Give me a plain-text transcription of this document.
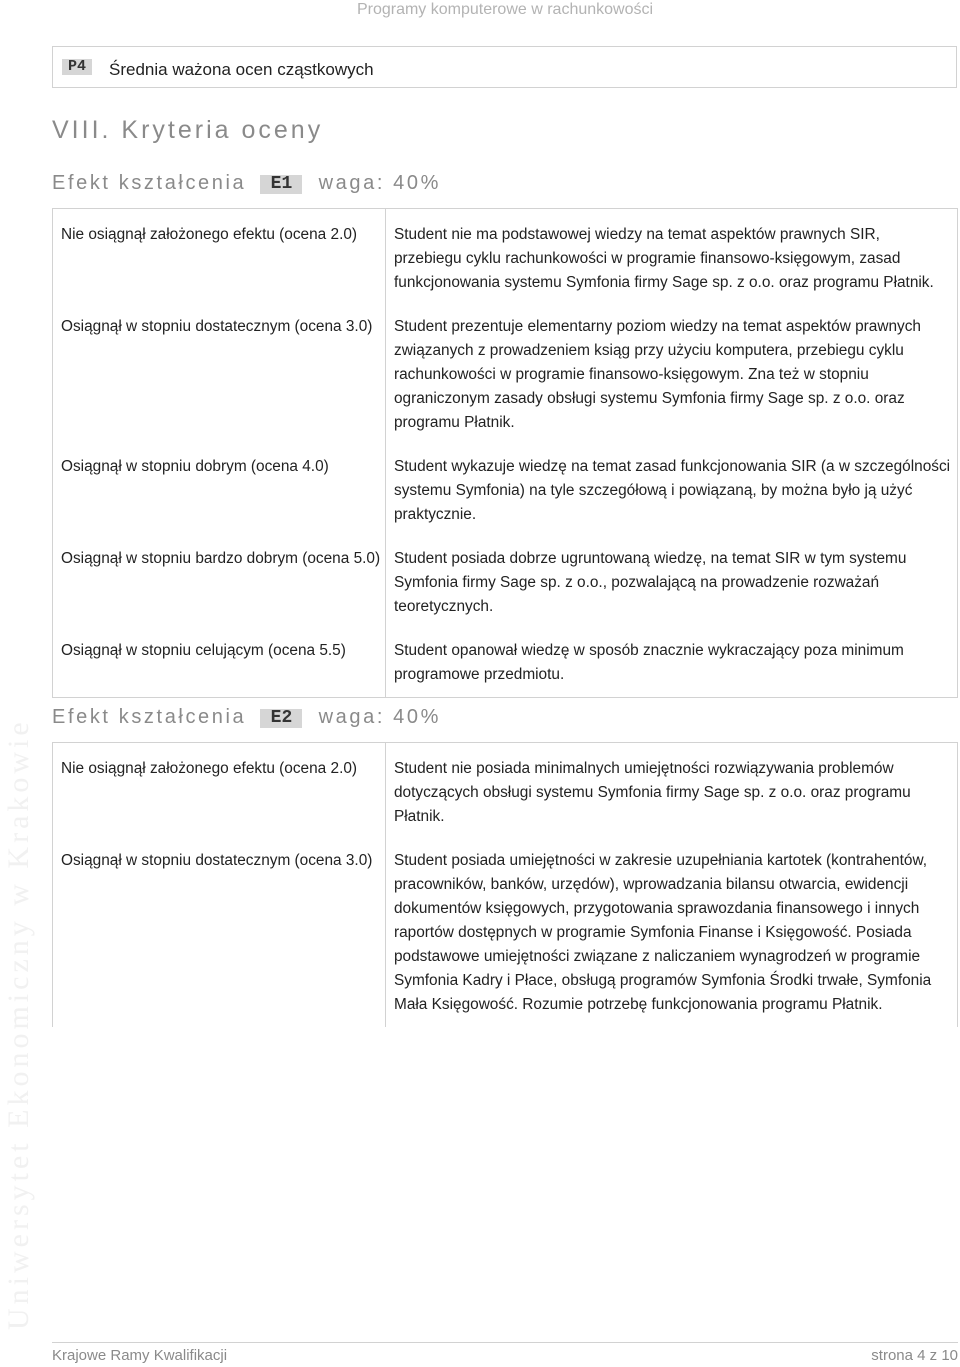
Programy komputerowe w rachunkowości
Uniwersytet Ekonomiczny w Krakowie
P4	Średnia ważona ocen cząstkowych
VIII. Kryteria oceny
Efekt kształcenia E1 waga: 40%
Nie osiągnął założonego efektu (ocena 2.0)	Student nie ma podstawowej wiedzy na temat aspektów prawnych SIR, przebiegu cyklu rachunkowości w programie finansowo-księgowym, zasad funkcjonowania systemu Symfonia firmy Sage sp. z o.o. oraz programu Płatnik.
Osiągnął w stopniu dostatecznym (ocena 3.0)	Student prezentuje elementarny poziom wiedzy na temat aspektów prawnych związanych z prowadzeniem ksiąg przy użyciu komputera, przebiegu cyklu rachunkowości w programie finansowo-księgowym. Zna też w stopniu ograniczonym zasady obsługi systemu Symfonia firmy Sage sp. z o.o. oraz programu Płatnik.
Osiągnął w stopniu dobrym (ocena 4.0)	Student wykazuje wiedzę na temat zasad funkcjonowania SIR (a w szczególności systemu Symfonia) na tyle szczegółową i powiązaną, by można było ją użyć praktycznie.
Osiągnął w stopniu bardzo dobrym (ocena 5.0)	Student posiada dobrze ugruntowaną wiedzę, na temat SIR w tym systemu Symfonia firmy Sage sp. z o.o., pozwalającą na prowadzenie rozważań teoretycznych.
Osiągnął w stopniu celującym (ocena 5.5)	Student opanował wiedzę w sposób znacznie wykraczający poza minimum programowe przedmiotu.
Efekt kształcenia E2 waga: 40%
Nie osiągnął założonego efektu (ocena 2.0)	Student nie posiada minimalnych umiejętności rozwiązywania problemów dotyczących obsługi systemu Symfonia firmy Sage sp. z o.o. oraz programu Płatnik.
Osiągnął w stopniu dostatecznym (ocena 3.0)	Student posiada umiejętności w zakresie uzupełniania kartotek (kontrahentów, pracowników, banków, urzędów), wprowadzania bilansu otwarcia, ewidencji dokumentów księgowych, przygotowania sprawozdania finansowego i innych raportów dostępnych w programie Symfonia Finanse i Księgowość. Posiada podstawowe umiejętności związane z naliczaniem wynagrodzeń w programie Symfonia Kadry i Płace, obsługą programów Symfonia Środki trwałe, Symfonia Mała Księgowość. Rozumie potrzebę funkcjonowania programu Płatnik.
Krajowe Ramy Kwalifikacji	strona 4 z 10
